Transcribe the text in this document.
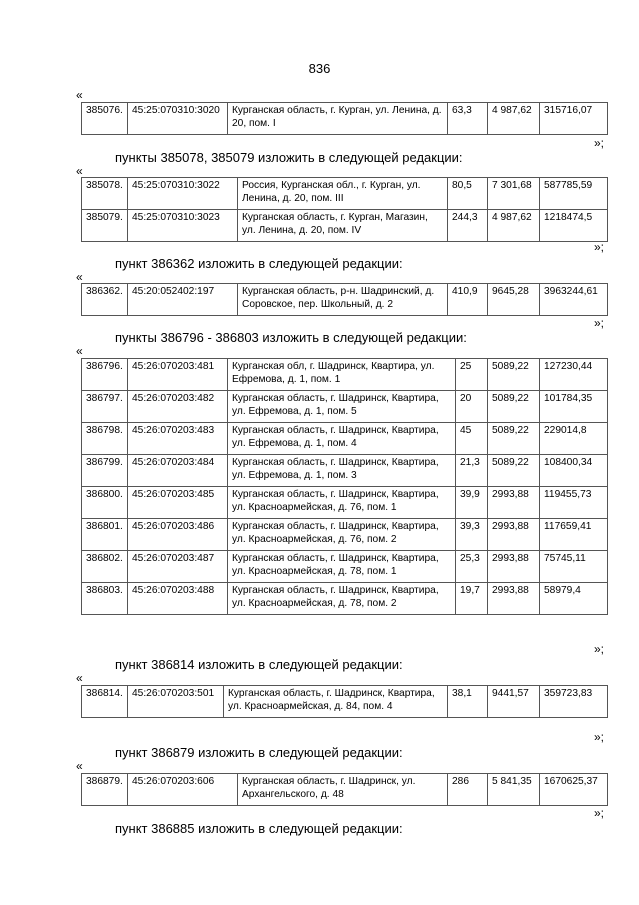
836
«
385076.	45:25:070310:3020	Курганская область, г. Курган, ул. Ленина, д. 20, пом. I	63,3	4 987,62	315716,07
»;
пункты 385078, 385079 изложить в следующей редакции:
«
385078.	45:25:070310:3022	Россия, Курганская обл., г. Курган, ул. Ленина, д. 20, пом. III	80,5	7 301,68	587785,59
385079.	45:25:070310:3023	Курганская область, г. Курган, Магазин, ул. Ленина, д. 20, пом. IV	244,3	4 987,62	1218474,5
»;
пункт 386362 изложить в следующей редакции:
«
386362.	45:20:052402:197	Курганская область, р-н. Шадринский, д. Соровское, пер. Школьный, д. 2	410,9	9645,28	3963244,61
»;
пункты 386796 - 386803 изложить в следующей редакции:
«
386796.	45:26:070203:481	Курганская обл, г. Шадринск, Квартира, ул. Ефремова, д. 1, пом. 1	25	5089,22	127230,44
386797.	45:26:070203:482	Курганская область, г. Шадринск, Квартира, ул. Ефремова, д. 1, пом. 5	20	5089,22	101784,35
386798.	45:26:070203:483	Курганская область, г. Шадринск, Квартира, ул. Ефремова, д. 1, пом. 4	45	5089,22	229014,8
386799.	45:26:070203:484	Курганская область, г. Шадринск, Квартира, ул. Ефремова, д. 1, пом. 3	21,3	5089,22	108400,34
386800.	45:26:070203:485	Курганская область, г. Шадринск, Квартира, ул. Красноармейская, д. 76, пом. 1	39,9	2993,88	119455,73
386801.	45:26:070203:486	Курганская область, г. Шадринск, Квартира, ул. Красноармейская, д. 76, пом. 2	39,3	2993,88	117659,41
386802.	45:26:070203:487	Курганская область, г. Шадринск, Квартира, ул. Красноармейская, д. 78, пом. 1	25,3	2993,88	75745,11
386803.	45:26:070203:488	Курганская область, г. Шадринск, Квартира, ул. Красноармейская, д. 78, пом. 2	19,7	2993,88	58979,4
»;
пункт 386814 изложить в следующей редакции:
«
386814.	45:26:070203:501	Курганская область, г. Шадринск, Квартира, ул. Красноармейская, д. 84, пом. 4	38,1	9441,57	359723,83
»;
пункт 386879 изложить в следующей редакции:
«
386879.	45:26:070203:606	Курганская область, г. Шадринск, ул. Архангельского, д. 48	286	5 841,35	1670625,37
»;
пункт 386885 изложить в следующей редакции:
